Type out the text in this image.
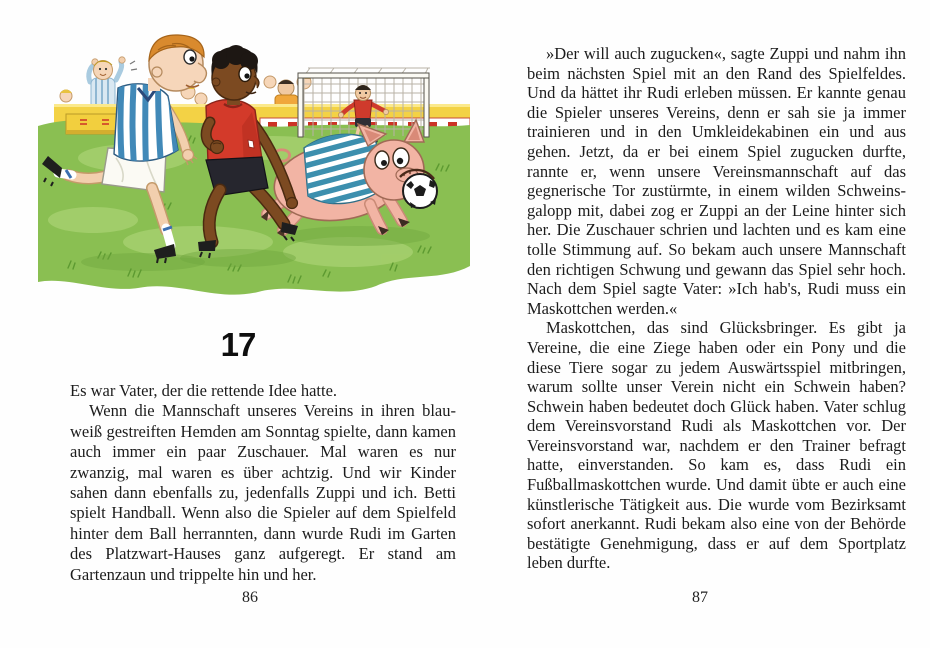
17

Es war Vater, der die rettende Idee hatte.

Wenn die Mannschaft unseres Vereins in ihren blau-weiß gestreiften Hemden am Sonntag spielte, dann kamen auch immer ein paar Zuschauer. Mal waren es nur zwanzig, mal waren es über achtzig. Und wir Kinder sahen dann ebenfalls zu, jedenfalls Zuppi und ich. Betti spielt Handball. Wenn also die Spieler auf dem Spielfeld hinter dem Ball herrannten, dann wurde Rudi im Garten des Platzwart-Hauses ganz aufgeregt. Er stand am Gartenzaun und trippelte hin und her.

86

»Der will auch zugucken«, sagte Zuppi und nahm ihn beim nächsten Spiel mit an den Rand des Spielfeldes. Und da hättet ihr Rudi erleben müssen. Er kannte genau die Spieler unseres Vereins, denn er sah sie ja immer trainieren und in den Umkleidekabinen ein und aus gehen. Jetzt, da er bei einem Spiel zugucken durfte, rannte er, wenn unsere Vereinsmannschaft auf das gegnerische Tor zustürmte, in einem wilden Schweinsgalopp mit, dabei zog er Zuppi an der Leine hinter sich her. Die Zuschauer schrien und lachten und es kam eine tolle Stimmung auf. So bekam auch unsere Mannschaft den richtigen Schwung und gewann das Spiel sehr hoch. Nach dem Spiel sagte Vater: »Ich hab's, Rudi muss ein Maskottchen werden.«

Maskottchen, das sind Glücksbringer. Es gibt ja Vereine, die eine Ziege haben oder ein Pony und die diese Tiere sogar zu jedem Auswärtsspiel mitbringen, warum sollte unser Verein nicht ein Schwein haben? Schwein haben bedeutet doch Glück haben. Vater schlug dem Vereinsvorstand Rudi als Maskottchen vor. Der Vereinsvorstand war, nachdem er den Trainer befragt hatte, einverstanden. So kam es, dass Rudi ein Fußballmaskottchen wurde. Und damit übte er auch eine künstlerische Tätigkeit aus. Die wurde vom Bezirksamt sofort anerkannt. Rudi bekam also eine von der Behörde bestätigte Genehmigung, dass er auf dem Sportplatz leben durfte.

87
